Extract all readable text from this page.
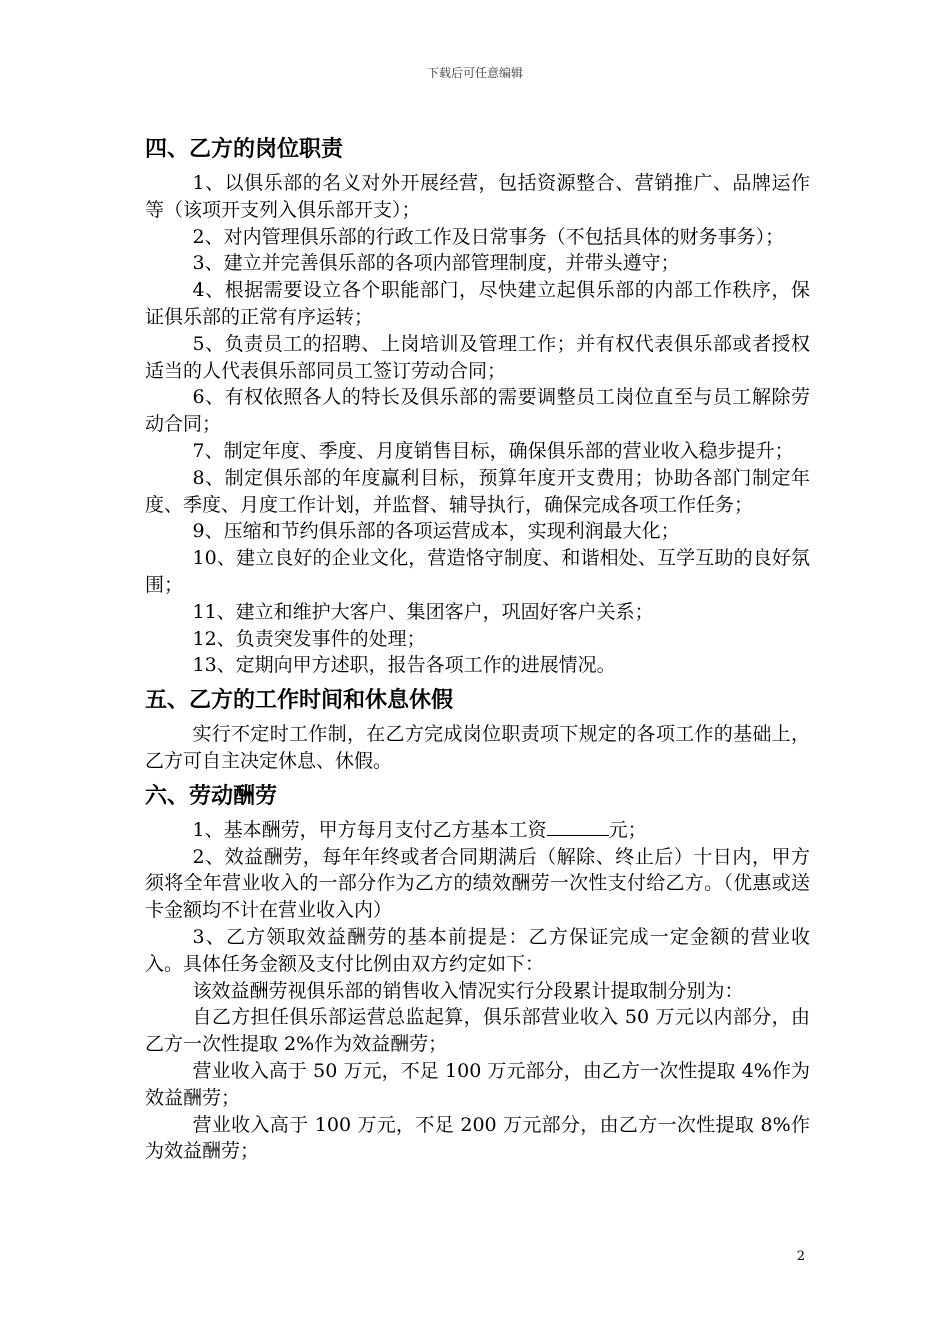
下载后可任意编辑
四、乙方的岗位职责

1、以俱乐部的名义对外开展经营，包括资源整合、营销推广、品牌运作等（该项开支列入俱乐部开支）；

2、对内管理俱乐部的行政工作及日常事务（不包括具体的财务事务）；

3、建立并完善俱乐部的各项内部管理制度，并带头遵守；

4、根据需要设立各个职能部门，尽快建立起俱乐部的内部工作秩序，保证俱乐部的正常有序运转；

5、负责员工的招聘、上岗培训及管理工作；并有权代表俱乐部或者授权适当的人代表俱乐部同员工签订劳动合同；

6、有权依照各人的特长及俱乐部的需要调整员工岗位直至与员工解除劳动合同；

7、制定年度、季度、月度销售目标，确保俱乐部的营业收入稳步提升；

8、制定俱乐部的年度赢利目标，预算年度开支费用；协助各部门制定年度、季度、月度工作计划，并监督、辅导执行，确保完成各项工作任务；

9、压缩和节约俱乐部的各项运营成本，实现利润最大化；

10、建立良好的企业文化，营造恪守制度、和谐相处、互学互助的良好氛围；

11、建立和维护大客户、集团客户，巩固好客户关系；

12、负责突发事件的处理；

13、定期向甲方述职，报告各项工作的进展情况。

五、乙方的工作时间和休息休假

实行不定时工作制，在乙方完成岗位职责项下规定的各项工作的基础上，乙方可自主决定休息、休假。

六、劳动酬劳

1、基本酬劳，甲方每月支付乙方基本工资	元；

2、效益酬劳，每年年终或者合同期满后（解除、终止后）十日内，甲方须将全年营业收入的一部分作为乙方的绩效酬劳一次性支付给乙方。（优惠或送卡金额均不计在营业收入内）

3、乙方领取效益酬劳的基本前提是：乙方保证完成一定金额的营业收入。具体任务金额及支付比例由双方约定如下：

该效益酬劳视俱乐部的销售收入情况实行分段累计提取制分别为：

自乙方担任俱乐部运营总监起算，俱乐部营业收入 50 万元以内部分，由乙方一次性提取 2%作为效益酬劳；

营业收入高于 50 万元，不足 100 万元部分，由乙方一次性提取 4%作为效益酬劳；

营业收入高于 100 万元，不足 200 万元部分，由乙方一次性提取 8%作为效益酬劳；

2
